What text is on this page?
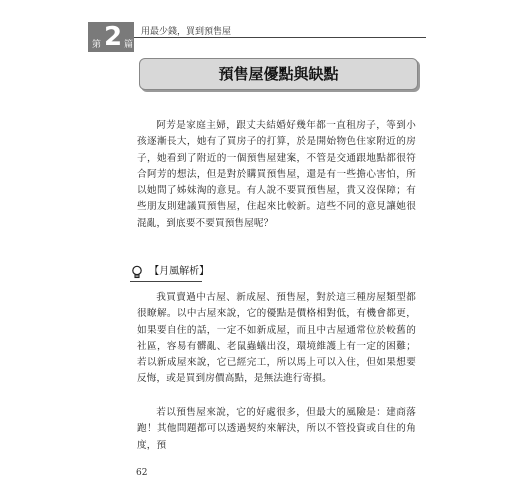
第 2 篇
用最少錢，買到預售屋
預售屋優點與缺點

阿芳是家庭主婦，跟丈夫結婚好幾年都一直租房子，等到小孩逐漸長大，她有了買房子的打算，於是開始物色住家附近的房子，她看到了附近的一個預售屋建案，不管是交通跟地點都很符合阿芳的想法，但是對於購買預售屋，還是有一些擔心害怕，所以她問了姊妹淘的意見。有人說不要買預售屋，貴又沒保障；有些朋友則建議買預售屋，住起來比較新。這些不同的意見讓她很混亂，到底要不要買預售屋呢？

【月風解析】

我買賣過中古屋、新成屋、預售屋，對於這三種房屋類型都很瞭解。以中古屋來說，它的優點是價格相對低，有機會都更，如果要自住的話，一定不如新成屋，而且中古屋通常位於較舊的社區，容易有髒亂、老鼠蟲蟻出沒，環境維護上有一定的困難；若以新成屋來說，它已經完工，所以馬上可以入住，但如果想要反悔，或是買到房價高點，是無法進行寄損。

若以預售屋來說，它的好處很多，但最大的風險是：建商落跑！其他問題都可以透過契約來解決，所以不管投資或自住的角度，預

62
